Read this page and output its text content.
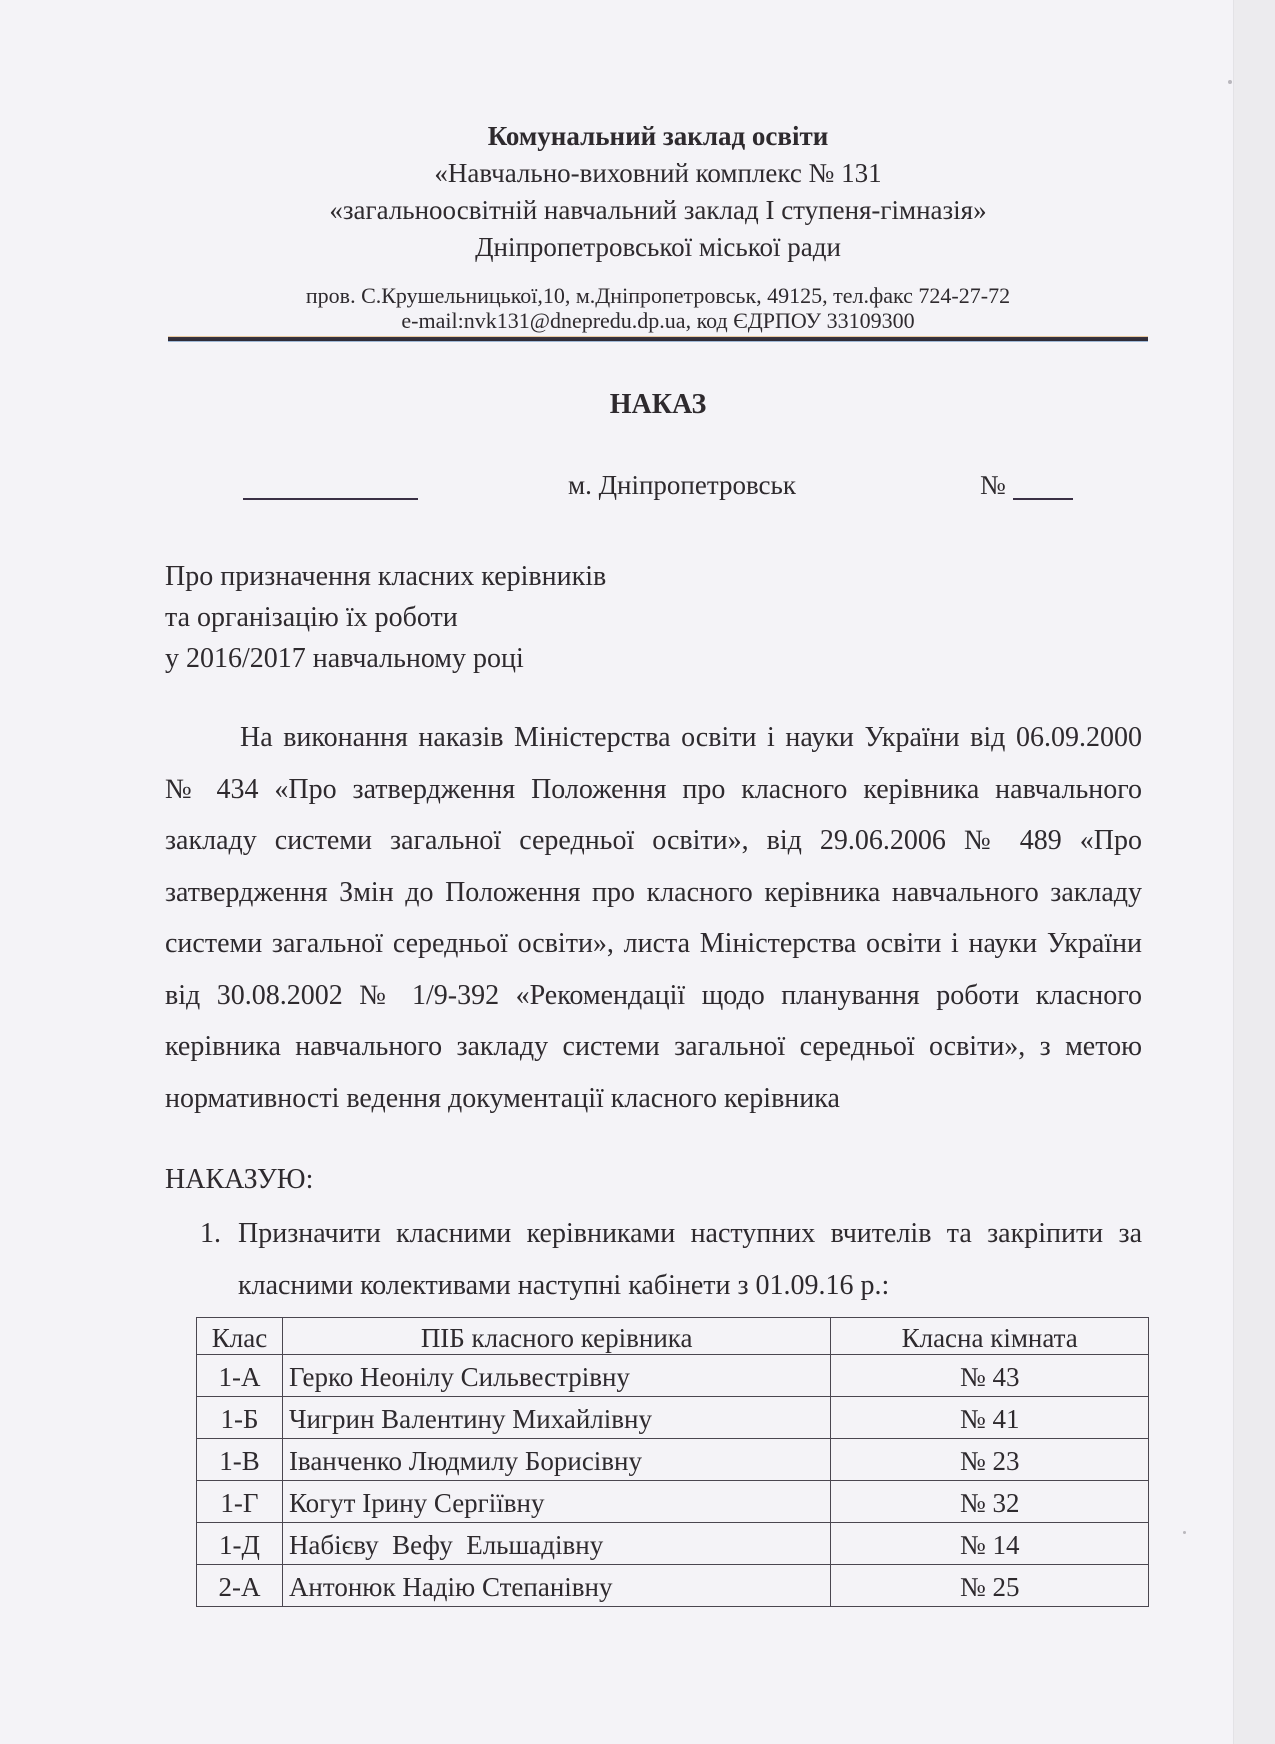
Комунальний заклад освіти
«Навчально-виховний комплекс № 131
«загальноосвітній навчальний заклад І ступеня-гімназія»
Дніпропетровської міської ради
пров. С.Крушельницької,10, м.Дніпропетровськ, 49125, тел.факс 724-27-72
e-mail:nvk131@dnepredu.dp.ua, код ЄДРПОУ 33109300
НАКАЗ
м. Дніпропетровськ	№
Про призначення класних керівників
та організацію їх роботи
у 2016/2017 навчальному році
На виконання наказів Міністерства освіти і науки України від 06.09.2000 № 434 «Про затвердження Положення про класного керівника навчального закладу системи загальної середньої освіти», від 29.06.2006 № 489 «Про затвердження Змін до Положення про класного керівника навчального закладу системи загальної середньої освіти», листа Міністерства освіти і науки України від 30.08.2002 № 1/9-392 «Рекомендації щодо планування роботи класного керівника навчального закладу системи загальної середньої освіти», з метою нормативності ведення документації класного керівника
НАКАЗУЮ:
1. Призначити класними керівниками наступних вчителів та закріпити за класними колективами наступні кабінети з 01.09.16 р.:
Клас	ПІБ класного керівника	Класна кімната
1-А	Герко Неонілу Сильвестрівну	№ 43
1-Б	Чигрин Валентину Михайлівну	№ 41
1-В	Іванченко Людмилу Борисівну	№ 23
1-Г	Когут Ірину Сергіївну	№ 32
1-Д	Набієву  Вефу  Ельшадівну	№ 14
2-А	Антонюк Надію Степанівну	№ 25
